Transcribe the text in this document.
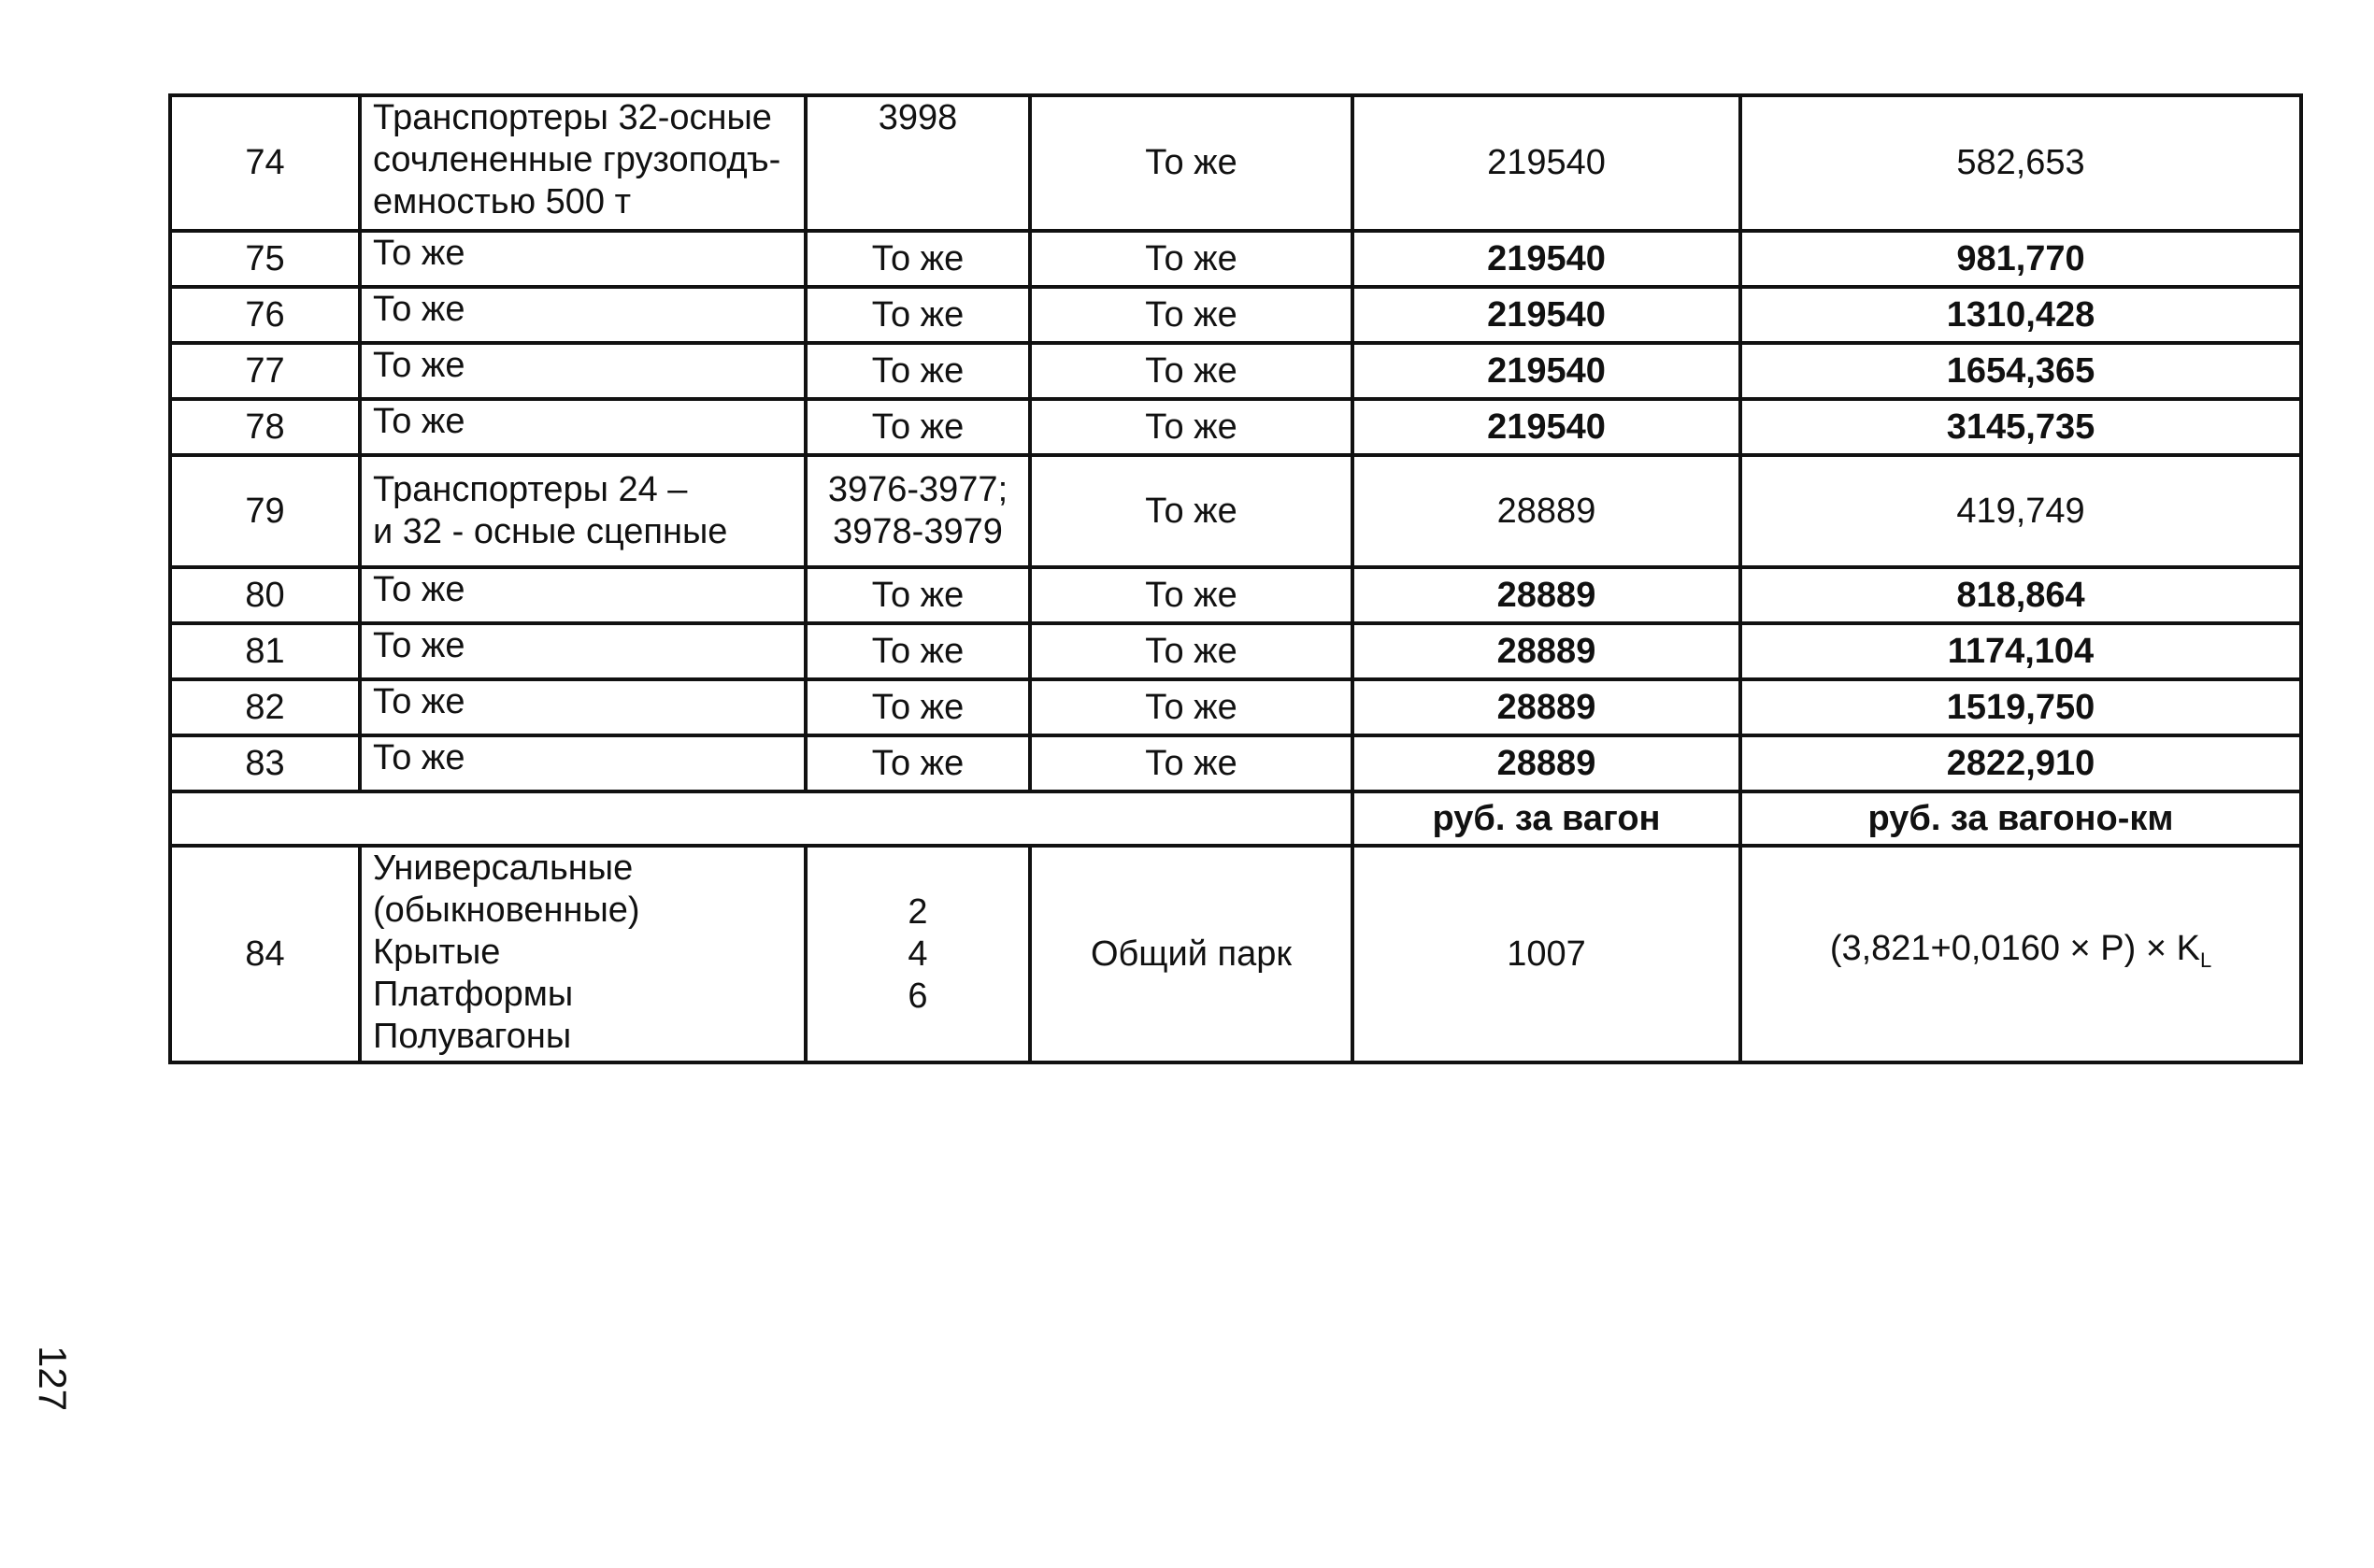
74	Транспортеры 32-осные
сочлененные грузоподъ-
емностью 500 т	3998	То же	219540	582,653
75	То же	То же	То же	219540	981,770
76	То же	То же	То же	219540	1310,428
77	То же	То же	То же	219540	1654,365
78	То же	То же	То же	219540	3145,735
79	Транспортеры 24 –
и 32 - осные сцепные	3976-3977;
3978-3979	То же	28889	419,749
80	То же	То же	То же	28889	818,864
81	То же	То же	То же	28889	1174,104
82	То же	То же	То же	28889	1519,750
83	То же	То же	То же	28889	2822,910
				руб. за вагон	руб. за вагоно-км
84	Универсальные
(обыкновенные)
Крытые
Платформы
Полувагоны	2
4
6	Общий парк	1007	$(3,821+0,0160 \times P) \times K_L$
127
